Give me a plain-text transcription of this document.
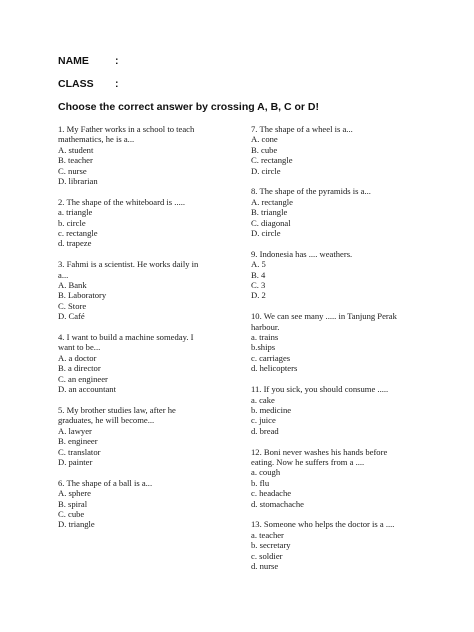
NAME :
CLASS :
Choose the correct answer by crossing A, B, C or D!
1. My Father works in a school to teach
mathematics, he is a...
A. student
B. teacher
C. nurse
D. librarian
2. The shape of the whiteboard is .....
a. triangle
b. circle
c. rectangle
d. trapeze
3. Fahmi is a scientist. He works daily in
a...
A. Bank
B. Laboratory
C. Store
D. Café
4. I want to build a machine someday. I
want to be...
A. a doctor
B. a director
C. an engineer
D. an accountant
5. My brother studies law, after he
graduates, he will become...
A. lawyer
B. engineer
C. translator
D. painter
6. The shape of a ball is a...
A. sphere
B. spiral
C. cube
D. triangle
7. The shape of a wheel is a...
A. cone
B. cube
C. rectangle
D. circle
8. The shape of the pyramids is a...
A. rectangle
B. triangle
C. diagonal
D. circle
9. Indonesia has .... weathers.
A. 5
B. 4
C. 3
D. 2
10. We can see many ..... in Tanjung Perak
harbour.
a. trains
b.ships
c. carriages
d. helicopters
11. If you sick, you should consume .....
a. cake
b. medicine
c. juice
d. bread
12. Boni never washes his hands before
eating. Now he suffers from a ....
a. cough
b. flu
c. headache
d. stomachache
13. Someone who helps the doctor is a ....
a. teacher
b. secretary
c. soldier
d. nurse
